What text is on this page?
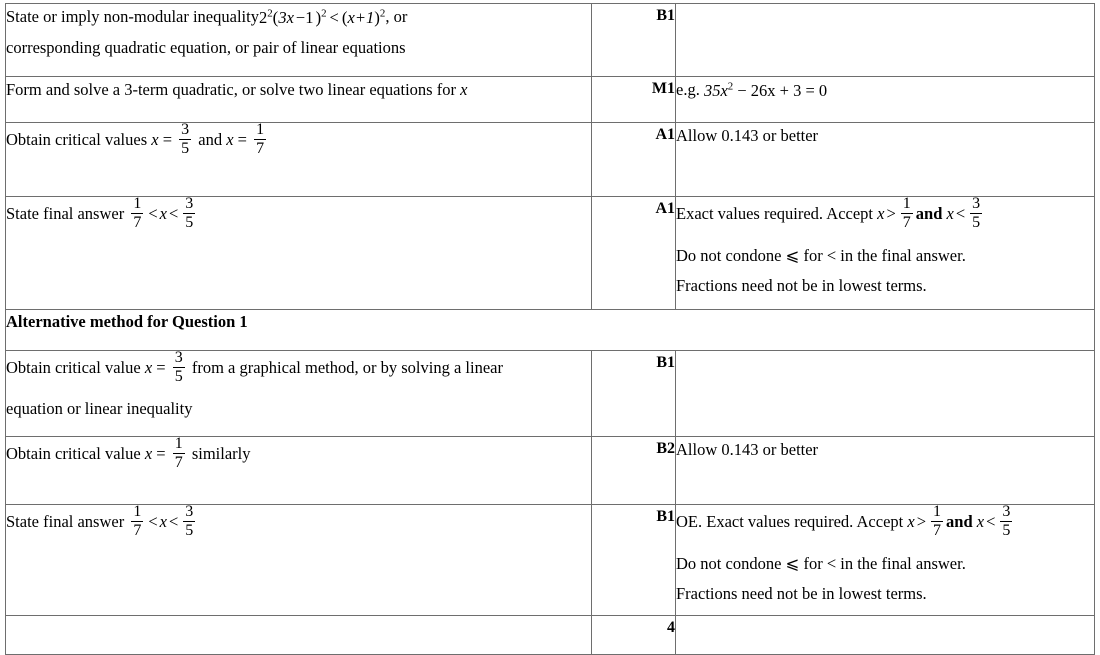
State or imply non-modular $inequality2^2(3x -1$ )$^2 < (x+1)^2$, or
corresponding quadratic equation, or pair of linear equations	B1	

Form and solve a 3-term quadratic, or solve two linear equations for x	M1	e.g. $35x^2 - 26x + 3 = 0$

Obtain critical values $x = \frac{3}{5}$ and $x = \frac{1}{7}$	A1	Allow 0.143 or better

State final answer $\frac{1}{7} < x < \frac{3}{5}$	A1	Exact values required. Accept $x > \frac{1}{7}$ and $x < \frac{3}{5}$
Do not condone ⩽ for < in the final answer.
Fractions need not be in lowest terms.

Alternative method for Question 1		

Obtain critical value $x = \frac{3}{5}$ from a graphical method, or by solving a linear
equation or linear inequality	B1	

Obtain critical value $x = \frac{1}{7}$ similarly	B2	Allow 0.143 or better

State final answer $\frac{1}{7} < x < \frac{3}{5}$	B1	OE. Exact values required. Accept $x > \frac{1}{7}$ and $x < \frac{3}{5}$
Do not condone ⩽ for < in the final answer.
Fractions need not be in lowest terms.

	4	
